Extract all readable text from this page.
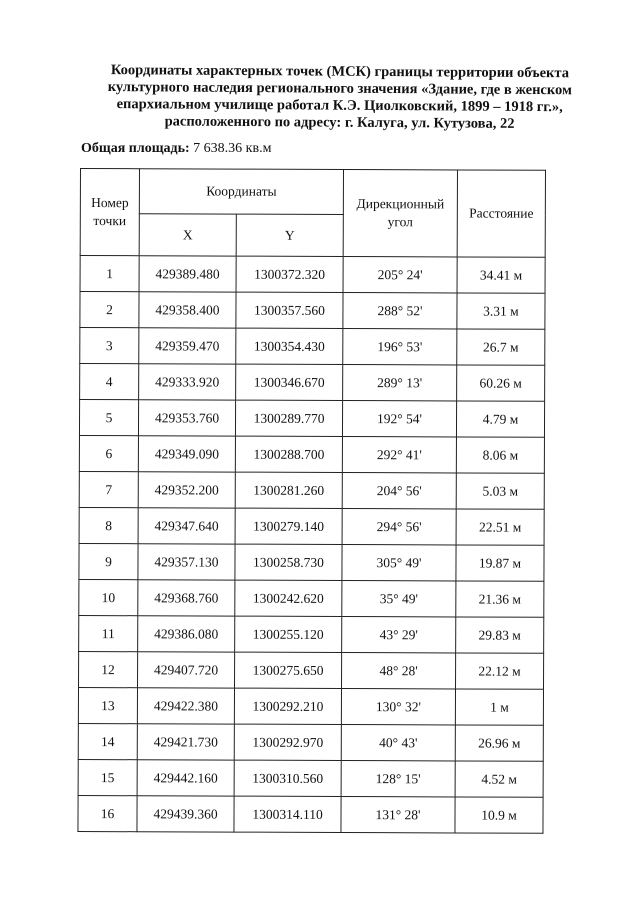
Координаты характерных точек (МСК) границы территории объекта
культурного наследия регионального значения «Здание, где в женском
епархиальном училище работал К.Э. Циолковский, 1899 – 1918 гг.»,
расположенного по адресу: г. Калуга, ул. Кутузова, 22
Общая площадь: 7 638.36 кв.м
Номер точки	Координаты		Дирекционный угол	Расстояние
	X	Y		
1	429389.480	1300372.320	205° 24'	34.41 м
2	429358.400	1300357.560	288° 52'	3.31 м
3	429359.470	1300354.430	196° 53'	26.7 м
4	429333.920	1300346.670	289° 13'	60.26 м
5	429353.760	1300289.770	192° 54'	4.79 м
6	429349.090	1300288.700	292° 41'	8.06 м
7	429352.200	1300281.260	204° 56'	5.03 м
8	429347.640	1300279.140	294° 56'	22.51 м
9	429357.130	1300258.730	305° 49'	19.87 м
10	429368.760	1300242.620	35° 49'	21.36 м
11	429386.080	1300255.120	43° 29'	29.83 м
12	429407.720	1300275.650	48° 28'	22.12 м
13	429422.380	1300292.210	130° 32'	1 м
14	429421.730	1300292.970	40° 43'	26.96 м
15	429442.160	1300310.560	128° 15'	4.52 м
16	429439.360	1300314.110	131° 28'	10.9 м
